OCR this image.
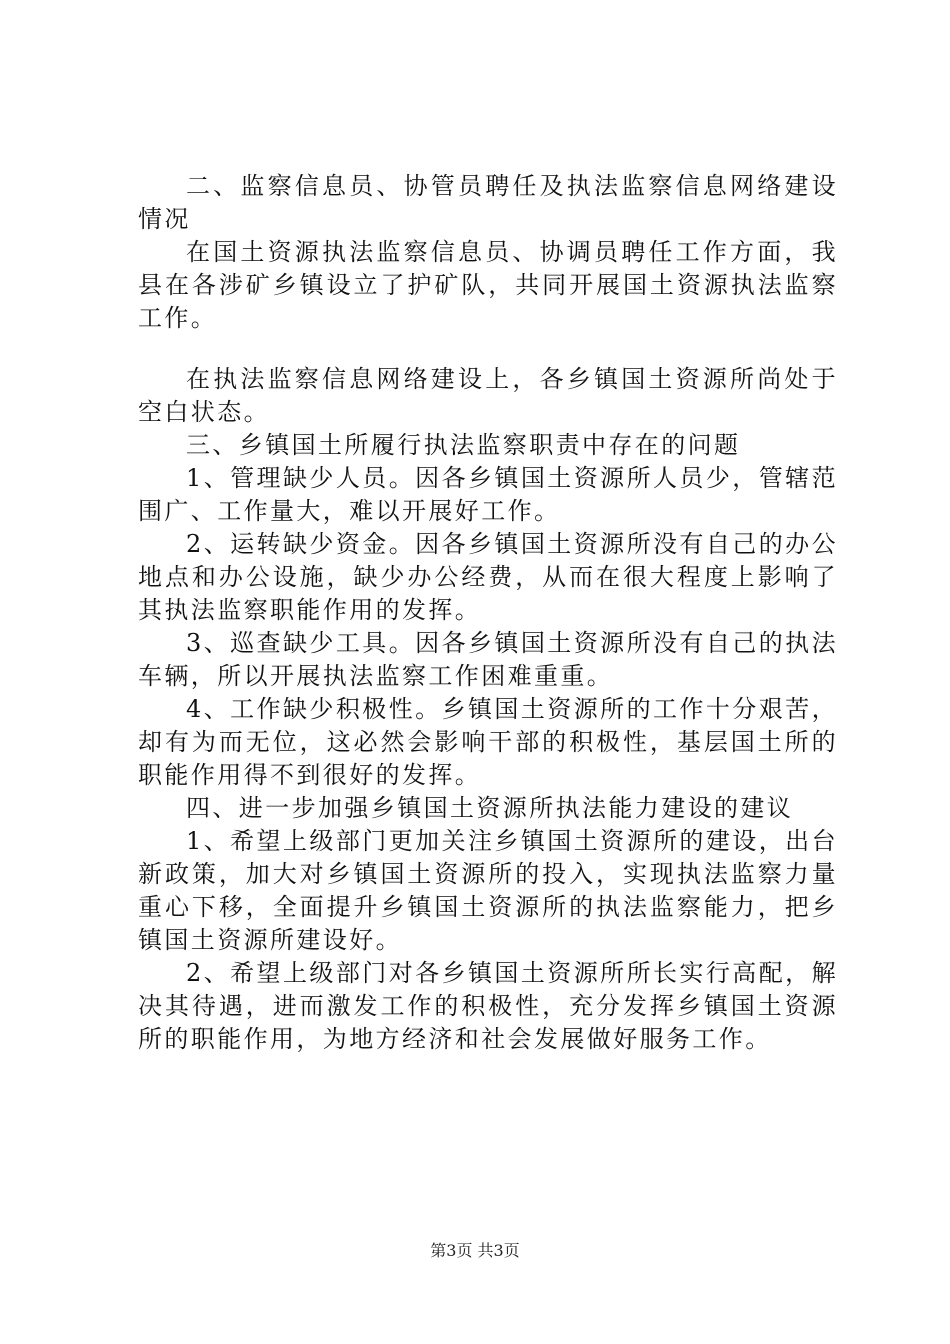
二、监察信息员、协管员聘任及执法监察信息网络建设情况

在国土资源执法监察信息员、协调员聘任工作方面，我县在各涉矿乡镇设立了护矿队，共同开展国土资源执法监察工作。

在执法监察信息网络建设上，各乡镇国土资源所尚处于空白状态。

三、乡镇国土所履行执法监察职责中存在的问题

1、管理缺少人员。因各乡镇国土资源所人员少，管辖范围广、工作量大，难以开展好工作。

2、运转缺少资金。因各乡镇国土资源所没有自己的办公地点和办公设施，缺少办公经费，从而在很大程度上影响了其执法监察职能作用的发挥。

3、巡查缺少工具。因各乡镇国土资源所没有自己的执法车辆，所以开展执法监察工作困难重重。

4、工作缺少积极性。乡镇国土资源所的工作十分艰苦，却有为而无位，这必然会影响干部的积极性，基层国土所的职能作用得不到很好的发挥。

四、进一步加强乡镇国土资源所执法能力建设的建议

1、希望上级部门更加关注乡镇国土资源所的建设，出台新政策，加大对乡镇国土资源所的投入，实现执法监察力量重心下移，全面提升乡镇国土资源所的执法监察能力，把乡镇国土资源所建设好。

2、希望上级部门对各乡镇国土资源所所长实行高配，解决其待遇，进而激发工作的积极性，充分发挥乡镇国土资源所的职能作用，为地方经济和社会发展做好服务工作。

第3页 共3页
